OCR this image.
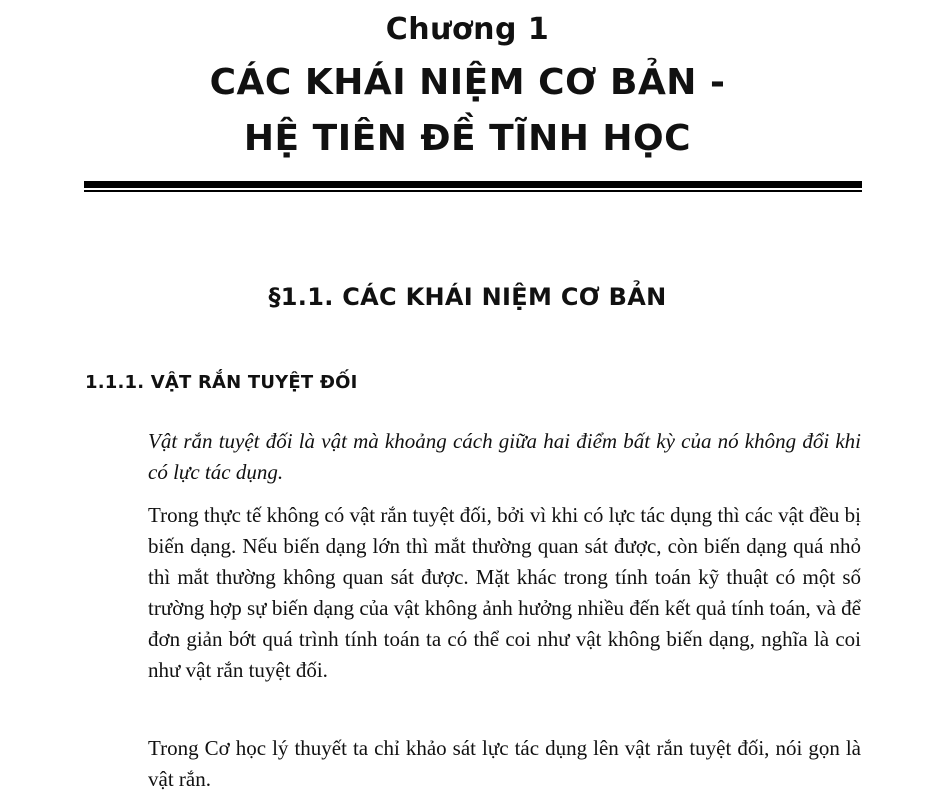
Chương 1
CÁC KHÁI NIỆM CƠ BẢN -
HỆ TIÊN ĐỀ TĨNH HỌC
§1.1. CÁC KHÁI NIỆM CƠ BẢN
1.1.1. VẬT RẮN TUYỆT ĐỐI

Vật rắn tuyệt đối là vật mà khoảng cách giữa hai điểm bất kỳ của nó không đổi khi có lực tác dụng.

Trong thực tế không có vật rắn tuyệt đối, bởi vì khi có lực tác dụng thì các vật đều bị biến dạng. Nếu biến dạng lớn thì mắt thường quan sát được, còn biến dạng quá nhỏ thì mắt thường không quan sát được. Mặt khác trong tính toán kỹ thuật có một số trường hợp sự biến dạng của vật không ảnh hưởng nhiều đến kết quả tính toán, và để đơn giản bớt quá trình tính toán ta có thể coi như vật không biến dạng, nghĩa là coi như vật rắn tuyệt đối.

Trong Cơ học lý thuyết ta chỉ khảo sát lực tác dụng lên vật rắn tuyệt đối, nói gọn là vật rắn.
